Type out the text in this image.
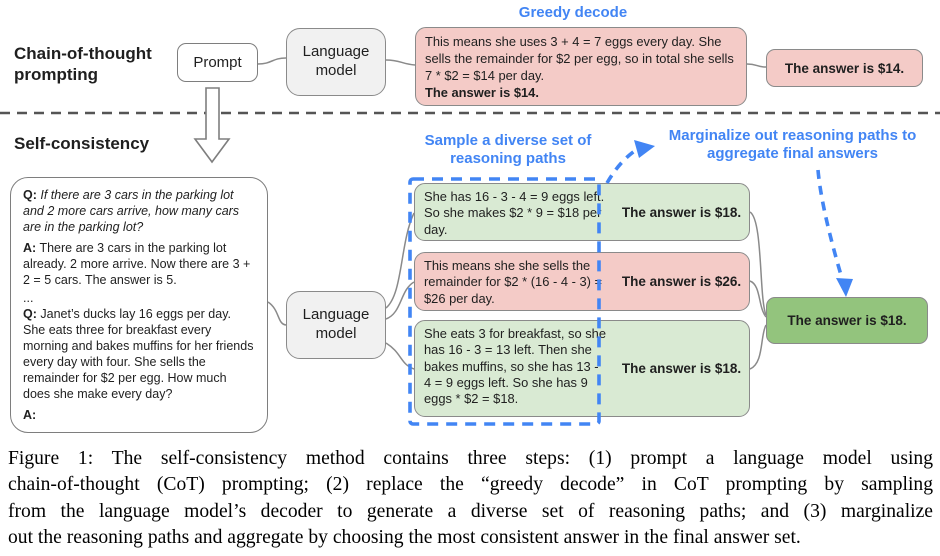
Chain-of-thought prompting
Prompt
Language model
Greedy decode
This means she uses 3 + 4 = 7 eggs every day. She sells the remainder for $2 per egg, so in total she sells 7 * $2 = $14 per day.
The answer is $14.
The answer is $14.
Self-consistency

Q: If there are 3 cars in the parking lot and 2 more cars arrive, how many cars are in the parking lot?

A: There are 3 cars in the parking lot already. 2 more arrive. Now there are 3 + 2 = 5 cars. The answer is 5.

...

Q: Janet’s ducks lay 16 eggs per day. She eats three for breakfast every morning and bakes muffins for her friends every day with four. She sells the remainder for $2 per egg. How much does she make every day?

A:

Language model
Sample a diverse set of reasoning paths
Marginalize out reasoning paths to aggregate final answers
She has 16 - 3 - 4 = 9 eggs left. So she makes $2 * 9 = $18 per day.
The answer is $18.
This means she she sells the remainder for $2 * (16 - 4 - 3) = $26 per day.
The answer is $26.
She eats 3 for breakfast, so she has 16 - 3 = 13 left. Then she bakes muffins, so she has 13 - 4 = 9 eggs left. So she has 9 eggs * $2 = $18.
The answer is $18.
The answer is $18.
Figure 1: The self-consistency method contains three steps: (1) prompt a language model using
chain-of-thought (CoT) prompting; (2) replace the “greedy decode” in CoT prompting by sampling
from the language model’s decoder to generate a diverse set of reasoning paths; and (3) marginalize
out the reasoning paths and aggregate by choosing the most consistent answer in the final answer set.
